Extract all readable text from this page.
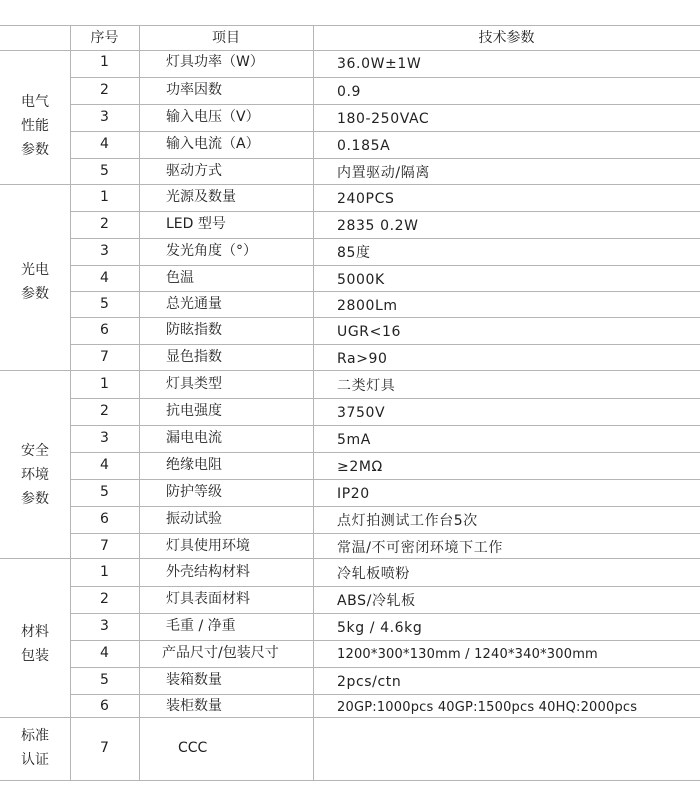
序号	项目	技术参数
电气
性能
参数
1	灯具功率（W）	36.0W±1W
2	功率因数	0.9
3	输入电压（V）	180-250VAC
4	输入电流（A）	0.185A
5	驱动方式	内置驱动/隔离
光电
参数
1	光源及数量	240PCS
2	LED 型号	2835 0.2W
3	发光角度（°）	85度
4	色温	5000K
5	总光通量	2800Lm
6	防眩指数	UGR<16
7	显色指数	Ra>90
安全
环境
参数
1	灯具类型	二类灯具
2	抗电强度	3750V
3	漏电电流	5mA
4	绝缘电阻	≥2MΩ
5	防护等级	IP20
6	振动试验	点灯拍测试工作台5次
7	灯具使用环境	常温/不可密闭环境下工作
材料
包装
1	外壳结构材料	冷轧板喷粉
2	灯具表面材料	ABS/冷轧板
3	毛重 / 净重	5kg / 4.6kg
4	产品尺寸/包装尺寸	1200*300*130mm / 1240*340*300mm
5	装箱数量	2pcs/ctn
6	装柜数量	20GP:1000pcs 40GP:1500pcs 40HQ:2000pcs
标准
认证
7	CCC
